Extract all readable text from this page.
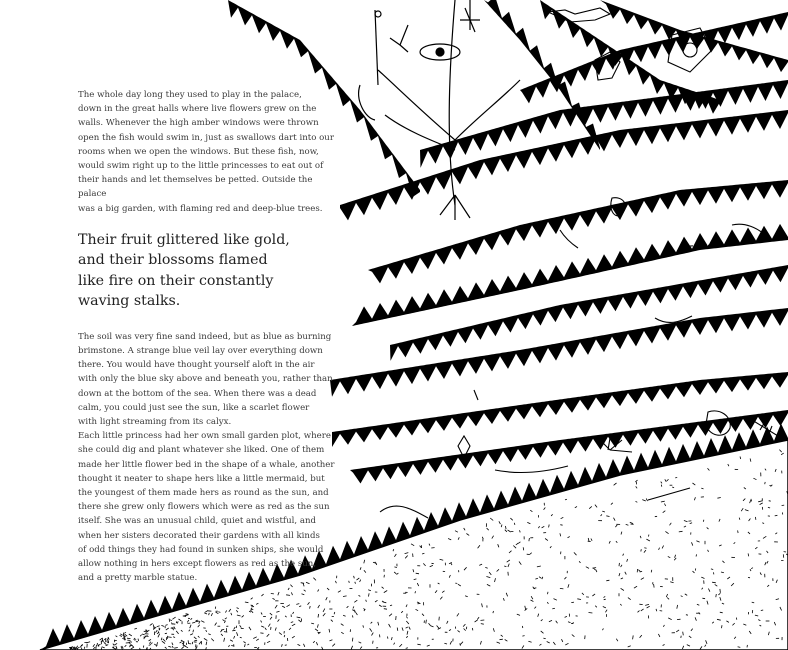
The whole day long they used to play in the palace,
down in the great halls where live flowers grew on the
walls. Whenever the high amber windows were thrown
open the fish would swim in, just as swallows dart into our
rooms when we open the windows. But these fish, now,
would swim right up to the little princesses to eat out of
their hands and let themselves be petted. Outside the palace
was a big garden, with flaming red and deep-blue trees.

Their fruit glittered like gold,
and their blossoms flamed
like fire on their constantly
waving stalks.

The soil was very fine sand indeed, but as blue as burning
brimstone. A strange blue veil lay over everything down
there. You would have thought yourself aloft in the air
with only the blue sky above and beneath you, rather than
down at the bottom of the sea. When there was a dead
calm, you could just see the sun, like a scarlet flower
with light streaming from its calyx.

Each little princess had her own small garden plot, where
she could dig and plant whatever she liked. One of them
made her little flower bed in the shape of a whale, another
thought it neater to shape hers like a little mermaid, but
the youngest of them made hers as round as the sun, and
there she grew only flowers which were as red as the sun
itself. She was an unusual child, quiet and wistful, and
when her sisters decorated their gardens with all kinds
of odd things they had found in sunken ships, she would
allow nothing in hers except flowers as red as the sun,
and a pretty marble statue.
